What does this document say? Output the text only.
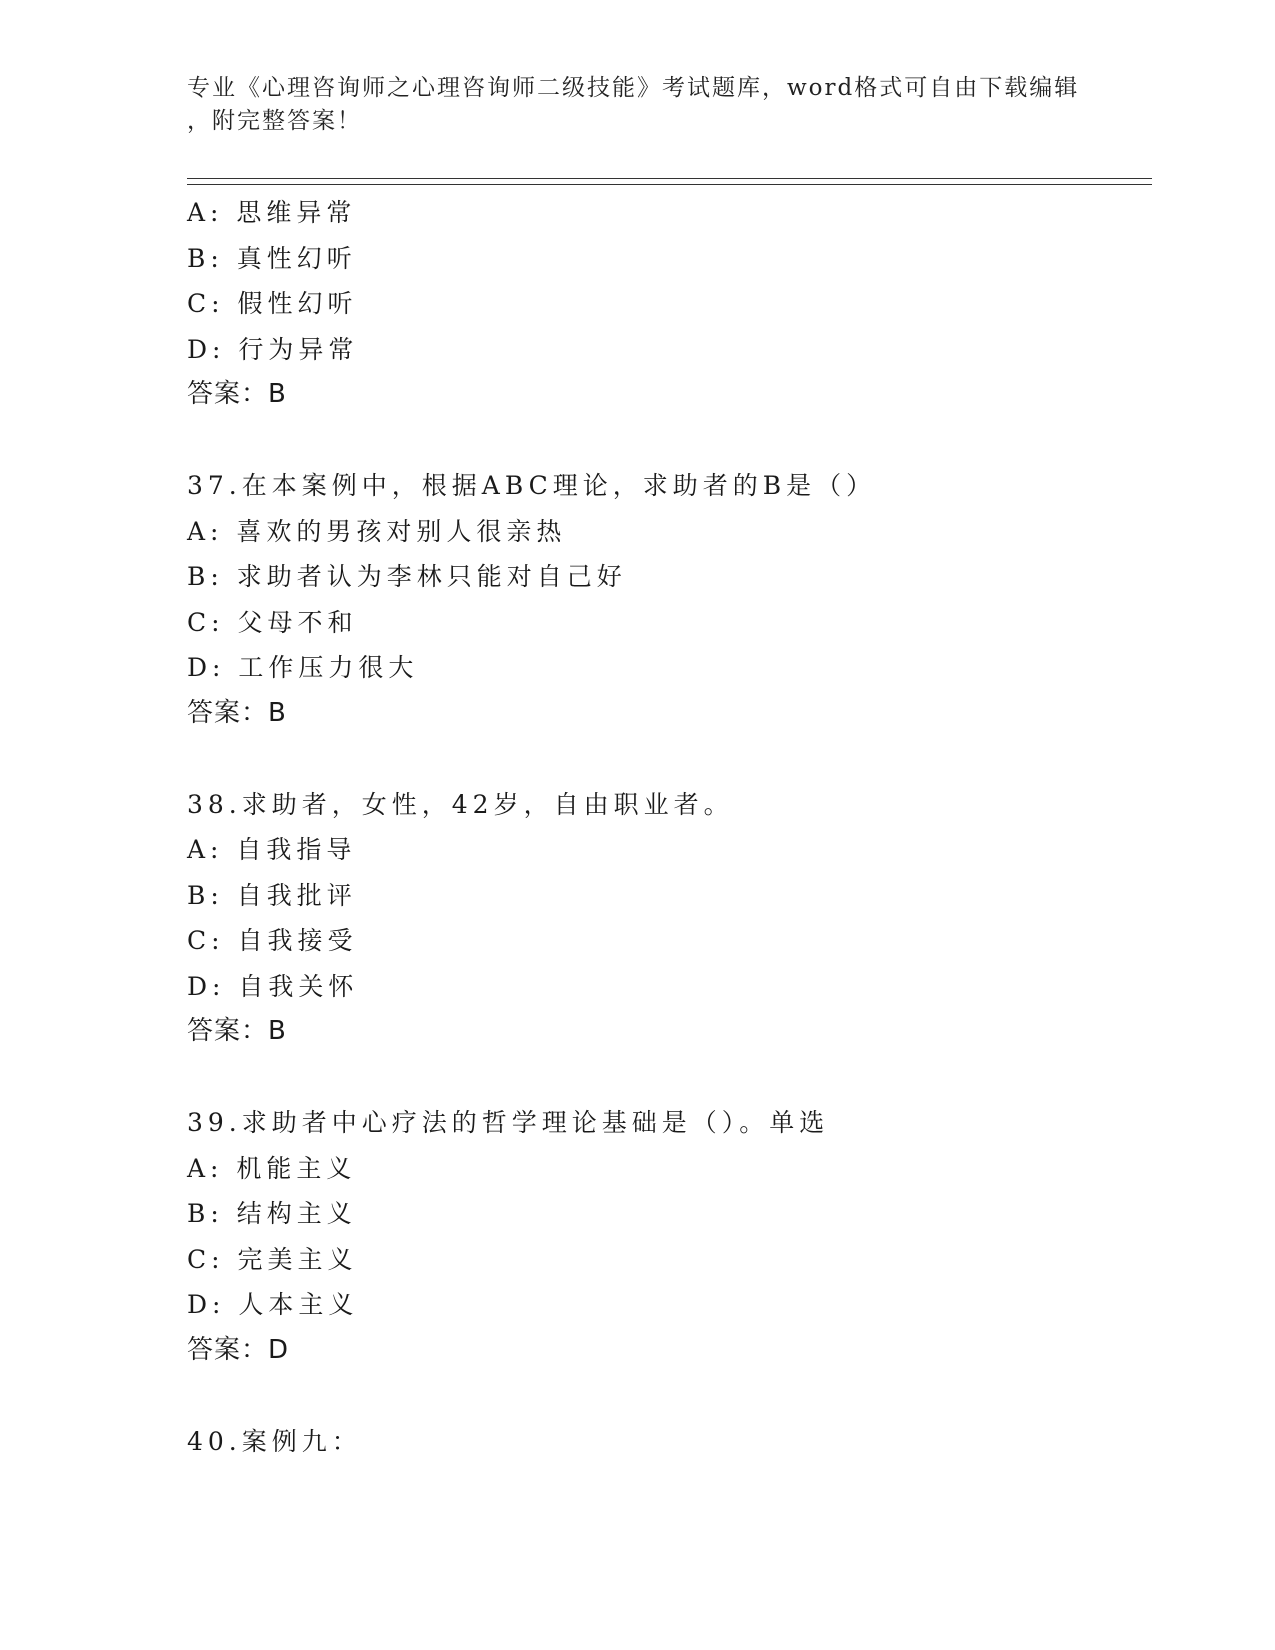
专业《心理咨询师之心理咨询师二级技能》考试题库，word格式可自由下载编辑
，附完整答案！
A: 思维异常
B: 真性幻听
C: 假性幻听
D: 行为异常
答案：B
37.在本案例中，根据ABC理论，求助者的B是（）
A: 喜欢的男孩对别人很亲热
B: 求助者认为李林只能对自己好
C: 父母不和
D: 工作压力很大
答案：B
38.求助者，女性，42岁，自由职业者。
A: 自我指导
B: 自我批评
C: 自我接受
D: 自我关怀
答案：B
39.求助者中心疗法的哲学理论基础是（）。单选
A: 机能主义
B: 结构主义
C: 完美主义
D: 人本主义
答案：D
40.案例九：
